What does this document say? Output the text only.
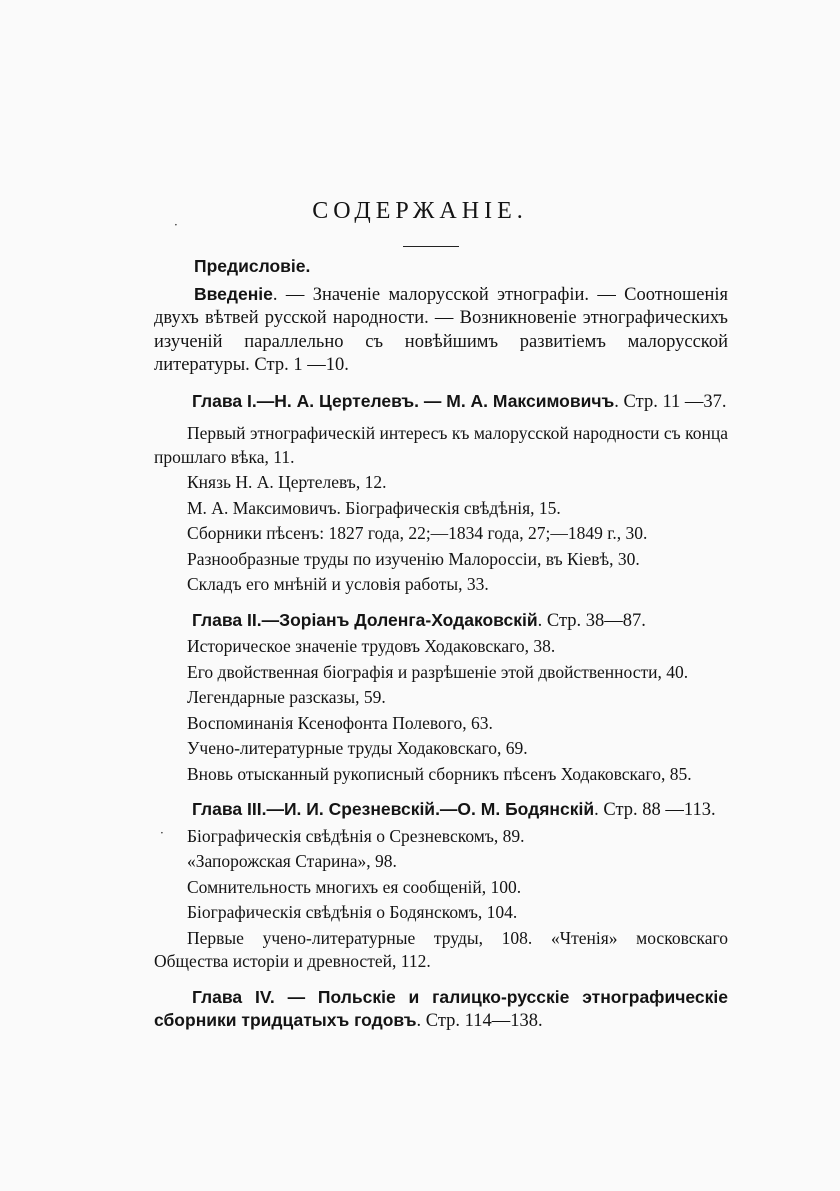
СОДЕРЖАНІЕ.
·
·
Предисловіе.
Введеніе. — Значеніе малорусской этнографіи. — Соотношенія двухъ вѣтвей русской народности. — Возникновеніе этнографическихъ изученій параллельно съ новѣйшимъ развитіемъ малорусской литературы. Стр. 1 —10.
Глава I.—Н. А. Цертелевъ. — М. А. Максимовичъ. Стр. 11 —37.
Первый этнографическій интересъ къ малорусской народности съ конца прошлаго вѣка, 11.
Князь Н. А. Цертелевъ, 12.
М. А. Максимовичъ. Біографическія свѣдѣнія, 15.
Сборники пѣсенъ: 1827 года, 22;—1834 года, 27;—1849 г., 30.
Разнообразные труды по изученію Малороссіи, въ Кіевѣ, 30.
Складъ его мнѣній и условія работы, 33.
Глава II.—Зоріанъ Доленга-Ходаковскій. Стр. 38—87.
Историческое значеніе трудовъ Ходаковскаго, 38.
Его двойственная біографія и разрѣшеніе этой двойственности, 40.
Легендарные разсказы, 59.
Воспоминанія Ксенофонта Полевого, 63.
Учено-литературные труды Ходаковскаго, 69.
Вновь отысканный рукописный сборникъ пѣсенъ Ходаковскаго, 85.
Глава III.—И. И. Срезневскій.—О. М. Бодянскій. Стр. 88 —113.
Біографическія свѣдѣнія о Срезневскомъ, 89.
«Запорожская Старина», 98.
Сомнительность многихъ ея сообщеній, 100.
Біографическія свѣдѣнія о Бодянскомъ, 104.
Первые учено-литературные труды, 108. «Чтенія» московскаго Общества исторіи и древностей, 112.
Глава IV. — Польскіе и галицко-русскіе этнографическіе сборники тридцатыхъ годовъ. Стр. 114—138.
